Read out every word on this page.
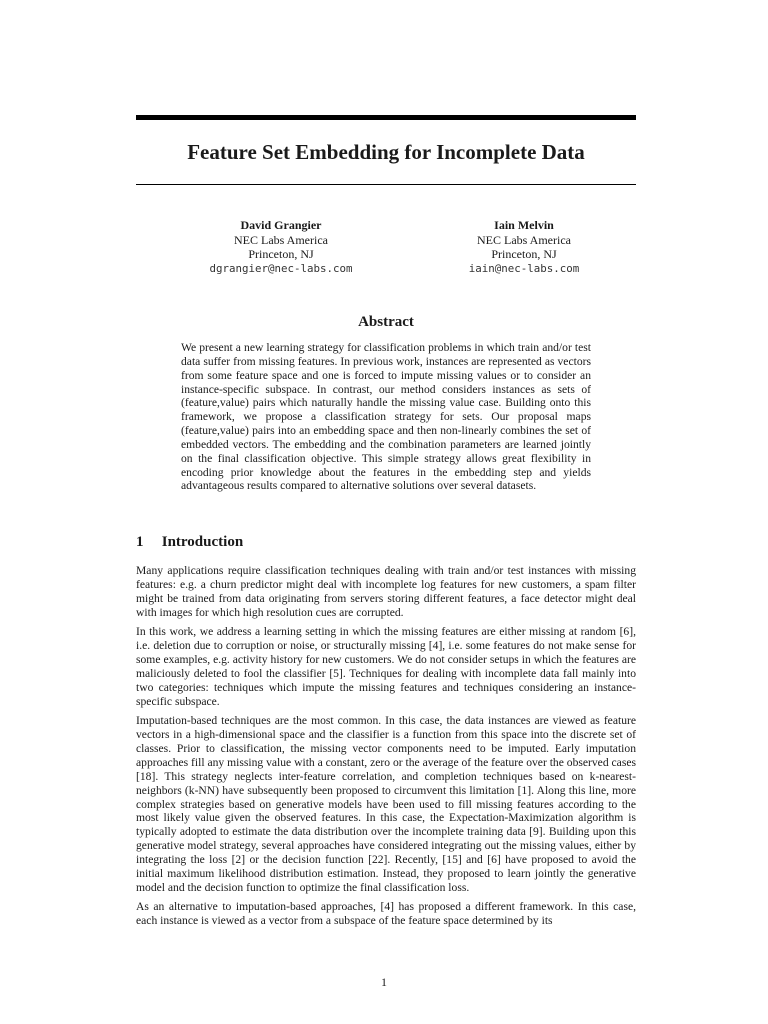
Feature Set Embedding for Incomplete Data
David Grangier
NEC Labs America
Princeton, NJ
dgrangier@nec-labs.com
Iain Melvin
NEC Labs America
Princeton, NJ
iain@nec-labs.com
Abstract

We present a new learning strategy for classification problems in which train and/or test data suffer from missing features. In previous work, instances are represented as vectors from some feature space and one is forced to impute missing values or to consider an instance-specific subspace. In contrast, our method considers instances as sets of (feature,value) pairs which naturally handle the missing value case. Building onto this framework, we propose a classification strategy for sets. Our proposal maps (feature,value) pairs into an embedding space and then non-linearly combines the set of embedded vectors. The embedding and the combination parameters are learned jointly on the final classification objective. This simple strategy allows great flexibility in encoding prior knowledge about the features in the embedding step and yields advantageous results compared to alternative solutions over several datasets.

1 Introduction

Many applications require classification techniques dealing with train and/or test instances with missing features: e.g. a churn predictor might deal with incomplete log features for new customers, a spam filter might be trained from data originating from servers storing different features, a face detector might deal with images for which high resolution cues are corrupted.

In this work, we address a learning setting in which the missing features are either missing at random [6], i.e. deletion due to corruption or noise, or structurally missing [4], i.e. some features do not make sense for some examples, e.g. activity history for new customers. We do not consider setups in which the features are maliciously deleted to fool the classifier [5]. Techniques for dealing with incomplete data fall mainly into two categories: techniques which impute the missing features and techniques considering an instance-specific subspace.

Imputation-based techniques are the most common. In this case, the data instances are viewed as feature vectors in a high-dimensional space and the classifier is a function from this space into the discrete set of classes. Prior to classification, the missing vector components need to be imputed. Early imputation approaches fill any missing value with a constant, zero or the average of the feature over the observed cases [18]. This strategy neglects inter-feature correlation, and completion techniques based on k-nearest-neighbors (k-NN) have subsequently been proposed to circumvent this limitation [1]. Along this line, more complex strategies based on generative models have been used to fill missing features according to the most likely value given the observed features. In this case, the Expectation-Maximization algorithm is typically adopted to estimate the data distribution over the incomplete training data [9]. Building upon this generative model strategy, several approaches have considered integrating out the missing values, either by integrating the loss [2] or the decision function [22]. Recently, [15] and [6] have proposed to avoid the initial maximum likelihood distribution estimation. Instead, they proposed to learn jointly the generative model and the decision function to optimize the final classification loss.

As an alternative to imputation-based approaches, [4] has proposed a different framework. In this case, each instance is viewed as a vector from a subspace of the feature space determined by its

1
